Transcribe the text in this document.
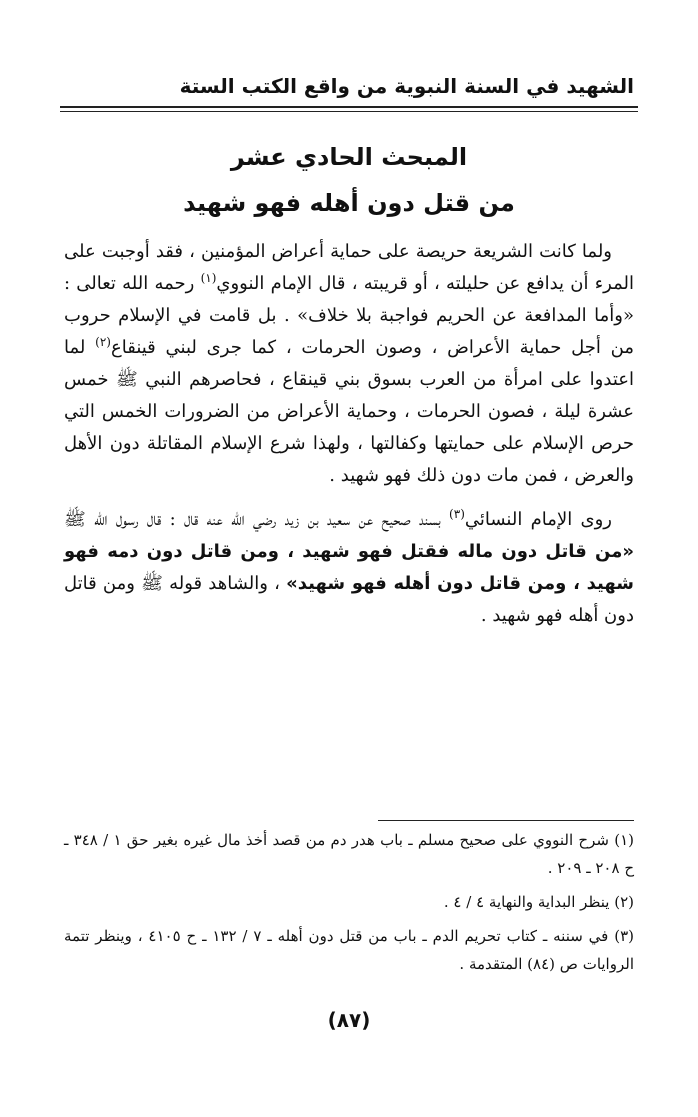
الشهيد في السنة النبوية من واقع الكتب الستة
المبحث الحادي عشر
من قتل دون أهله فهو شهيد

ولما كانت الشريعة حريصة على حماية أعراض المؤمنين ، فقد أوجبت على المرء أن يدافع عن حليلته ، أو قريبته ، قال الإمام النووي$^{(١)}$ رحمه الله تعالى : «وأما المدافعة عن الحريم فواجبة بلا خلاف» . بل قامت في الإسلام حروب من أجل حماية الأعراض ، وصون الحرمات ، كما جرى لبني قينقاع$^{(٢)}$ لما اعتدوا على امرأة من العرب بسوق بني قينقاع ، فحاصرهم النبي ﷺ خمس عشرة ليلة ، فصون الحرمات ، وحماية الأعراض من الضرورات الخمس التي حرص الإسلام على حمايتها وكفالتها ، ولهذا شرع الإسلام المقاتلة دون الأهل والعرض ، فمن مات دون ذلك فهو شهيد .

روى الإمام النسائي$^{(٣)}$ بسند صحيح عن سعيد بن زيد رضي الله عنه قال : قال رسول الله ﷺ «من قاتل دون ماله فقتل فهو شهيد ، ومن قاتل دون دمه فهو شهيد ، ومن قاتل دون أهله فهو شهيد» ، والشاهد قوله ﷺ ومن قاتل دون أهله فهو شهيد .

(١) شرح النووي على صحيح مسلم ـ باب هدر دم من قصد أخذ مال غيره بغير حق ١ / ٣٤٨ ـ ح ٢٠٨ ـ ٢٠٩ .

(٢) ينظر البداية والنهاية ٤ / ٤ .

(٣) في سننه ـ كتاب تحريم الدم ـ باب من قتل دون أهله ـ ٧ / ١٣٢ ـ ح ٤١٠٥ ، وينظر تتمة الروايات ص (٨٤) المتقدمة .

(٨٧)
